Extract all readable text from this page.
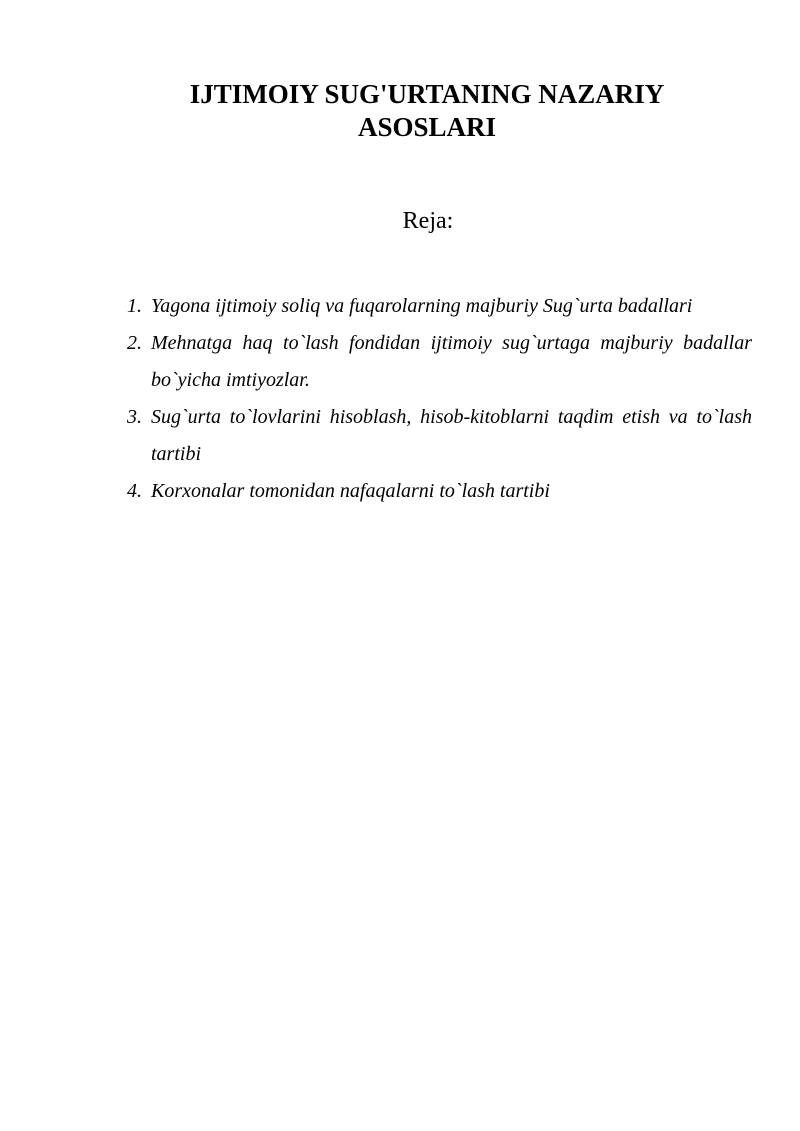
IJTIMOIY SUG'URTANING NAZARIY ASOSLARI
Reja:
1. Yagona ijtimoiy soliq va fuqarolarning majburiy Sug`urta badallari
2. Mehnatga haq to`lash fondidan ijtimoiy sug`urtaga majburiy badallar bo`yicha imtiyozlar.
3. Sug`urta to`lovlarini hisoblash, hisob-kitoblarni taqdim etish va to`lash tartibi
4. Korxonalar tomonidan nafaqalarni to`lash tartibi
